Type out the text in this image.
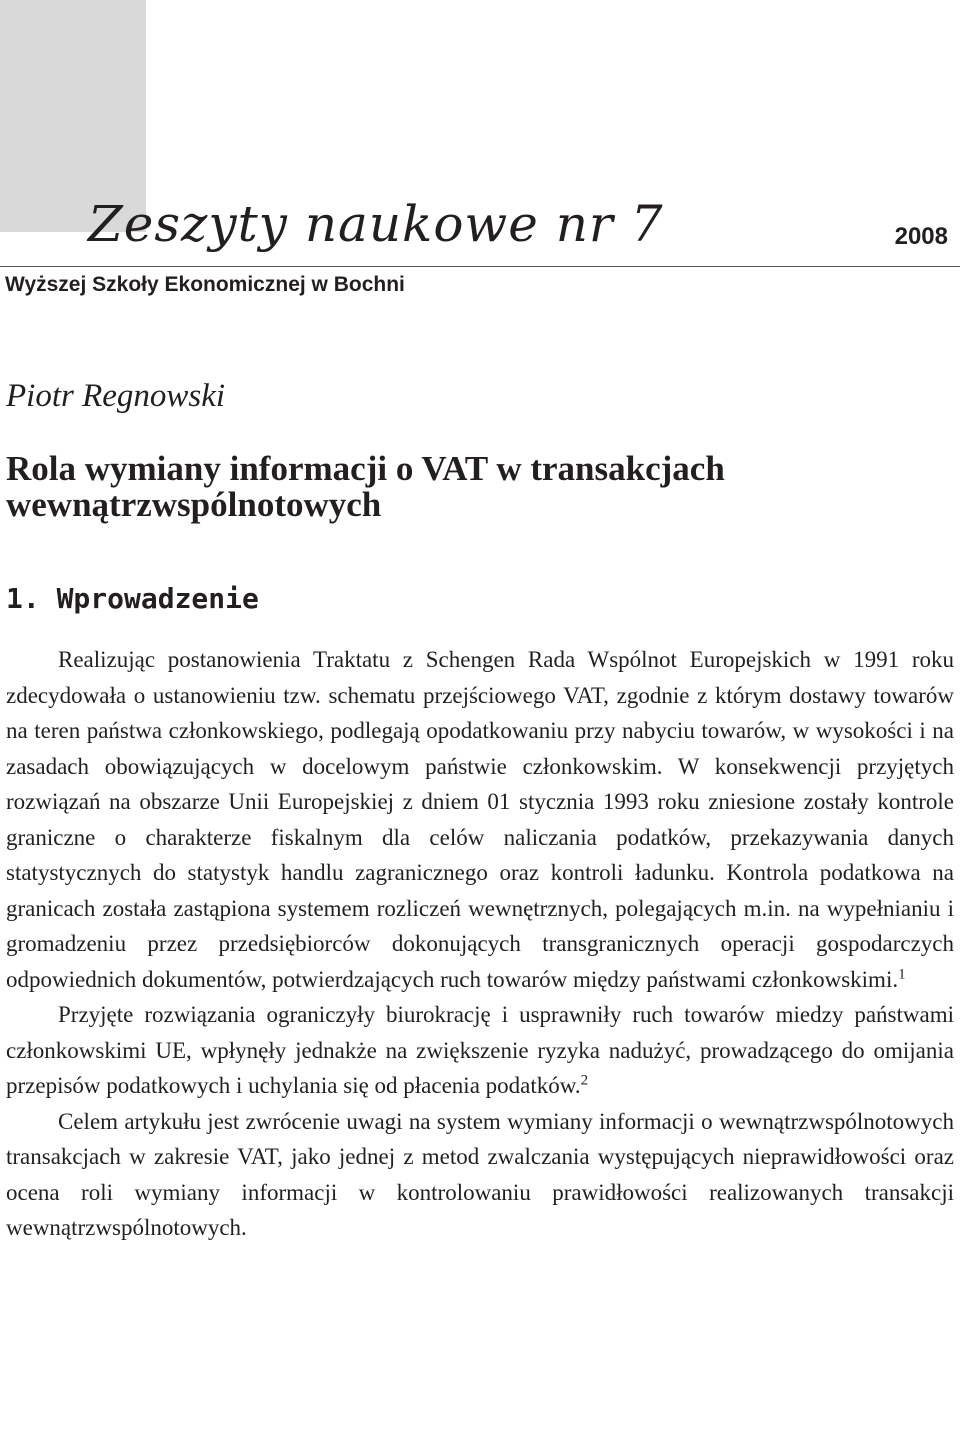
Zeszyty naukowe nr 7	2008
Wyższej Szkoły Ekonomicznej w Bochni
Piotr Regnowski
Rola wymiany informacji o VAT w transakcjach wewnątrzwspólnotowych
1. Wprowadzenie

Realizując postanowienia Traktatu z Schengen Rada Wspólnot Europejskich w 1991 roku zdecydowała o ustanowieniu tzw. schematu przejściowego VAT, zgodnie z którym dostawy towarów na teren państwa członkowskiego, podlegają opodatkowaniu przy nabyciu towarów, w wysokości i na zasadach obowiązujących w docelowym państwie członkowskim. W konsekwencji przyjętych rozwiązań na obszarze Unii Europejskiej z dniem 01 stycznia 1993 roku zniesione zostały kontrole graniczne o charakterze fiskalnym dla celów naliczania podatków, przekazywania danych statystycznych do statystyk handlu zagranicznego oraz kontroli ładunku. Kontrola podatkowa na granicach została zastąpiona systemem rozliczeń wewnętrznych, polegających m.in. na wypełnianiu i gromadzeniu przez przedsiębiorców dokonujących transgranicznych operacji gospodarczych odpowiednich dokumentów, potwierdzających ruch towarów między państwami członkowskimi.$^1$

Przyjęte rozwiązania ograniczyły biurokrację i usprawniły ruch towarów miedzy państwami członkowskimi UE, wpłynęły jednakże na zwiększenie ryzyka nadużyć, prowadzącego do omijania przepisów podatkowych i uchylania się od płacenia podatków.$^2$

Celem artykułu jest zwrócenie uwagi na system wymiany informacji o wewnątrzwspólnotowych transakcjach w zakresie VAT, jako jednej z metod zwalczania występujących nieprawidłowości oraz ocena roli wymiany informacji w kontrolowaniu prawidłowości realizowanych transakcji wewnątrzwspólnotowych.
